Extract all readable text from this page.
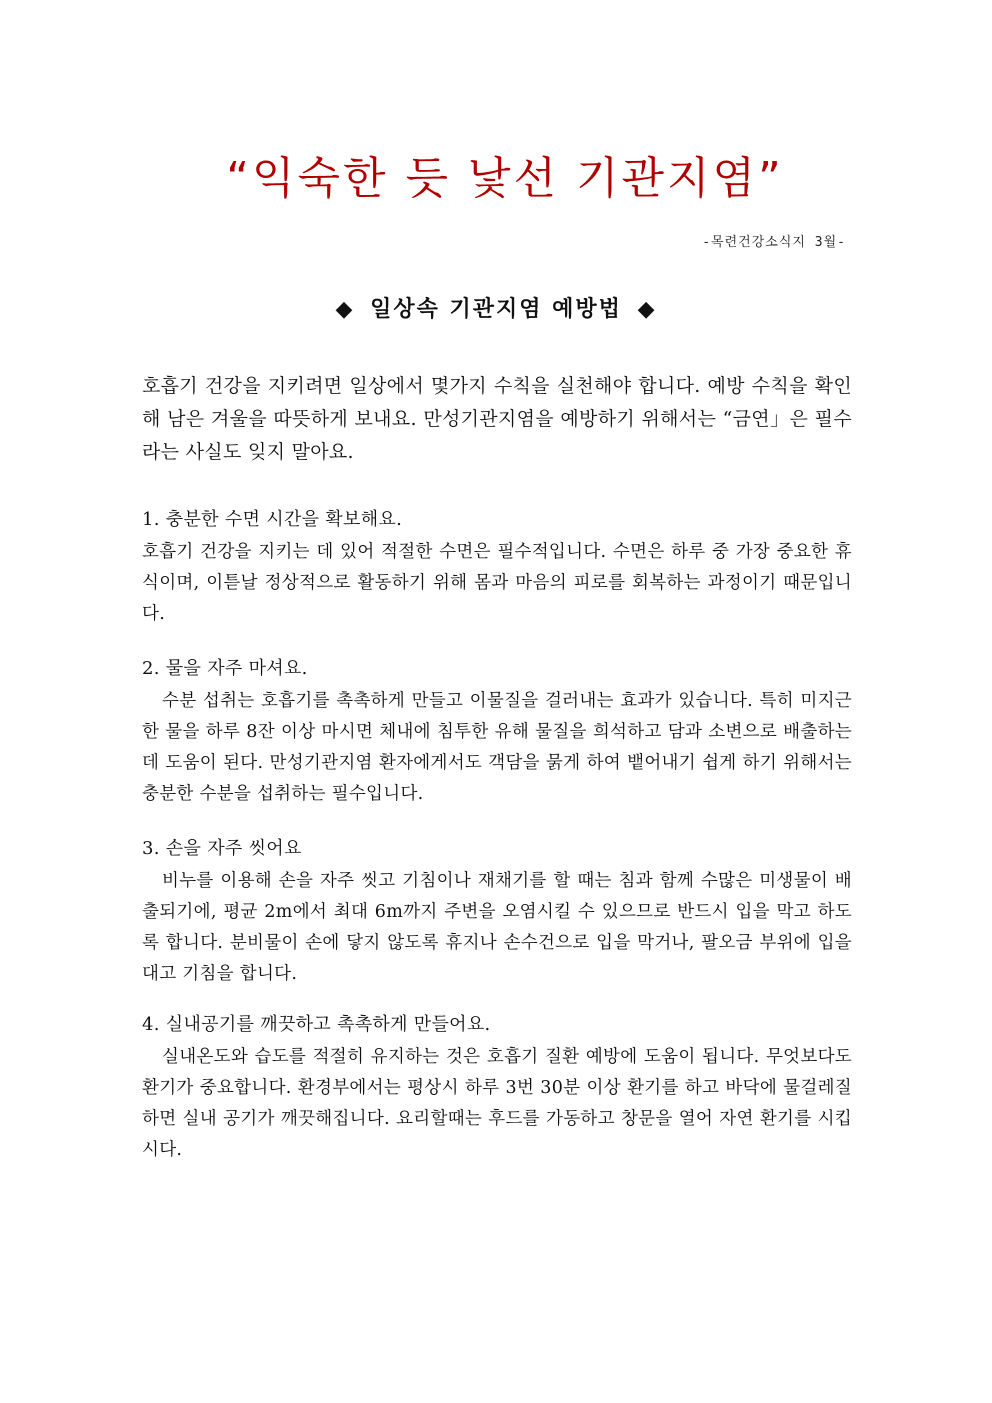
“익숙한 듯 낯선 기관지염”
-목련건강소식지 3월-
◆ 일상속 기관지염 예방법 ◆
호흡기 건강을 지키려면 일상에서 몇가지 수칙을 실천해야 합니다. 예방 수칙을 확인해 남은 겨울을 따뜻하게 보내요. 만성기관지염을 예방하기 위해서는 “금연」은 필수라는 사실도 잊지 말아요.
1. 충분한 수면 시간을 확보해요.
호흡기 건강을 지키는 데 있어 적절한 수면은 필수적입니다. 수면은 하루 중 가장 중요한 휴식이며, 이튿날 정상적으로 활동하기 위해 몸과 마음의 피로를 회복하는 과정이기 때문입니다.
2. 물을 자주 마셔요.
수분 섭취는 호흡기를 촉촉하게 만들고 이물질을 걸러내는 효과가 있습니다. 특히 미지근한 물을 하루 8잔 이상 마시면 체내에 침투한 유해 물질을 희석하고 담과 소변으로 배출하는 데 도움이 된다. 만성기관지염 환자에게서도 객담을 묽게 하여 뱉어내기 쉽게 하기 위해서는 충분한 수분을 섭취하는 필수입니다.
3. 손을 자주 씻어요
비누를 이용해 손을 자주 씻고 기침이나 재채기를 할 때는 침과 함께 수많은 미생물이 배출되기에, 평균 2m에서 최대 6m까지 주변을 오염시킬 수 있으므로 반드시 입을 막고 하도록 합니다. 분비물이 손에 닿지 않도록 휴지나 손수건으로 입을 막거나, 팔오금 부위에 입을 대고 기침을 합니다.
4. 실내공기를 깨끗하고 촉촉하게 만들어요.
실내온도와 습도를 적절히 유지하는 것은 호흡기 질환 예방에 도움이 됩니다. 무엇보다도 환기가 중요합니다. 환경부에서는 평상시 하루 3번 30분 이상 환기를 하고 바닥에 물걸레질하면 실내 공기가 깨끗해집니다. 요리할때는 후드를 가동하고 창문을 열어 자연 환기를 시킵시다.
